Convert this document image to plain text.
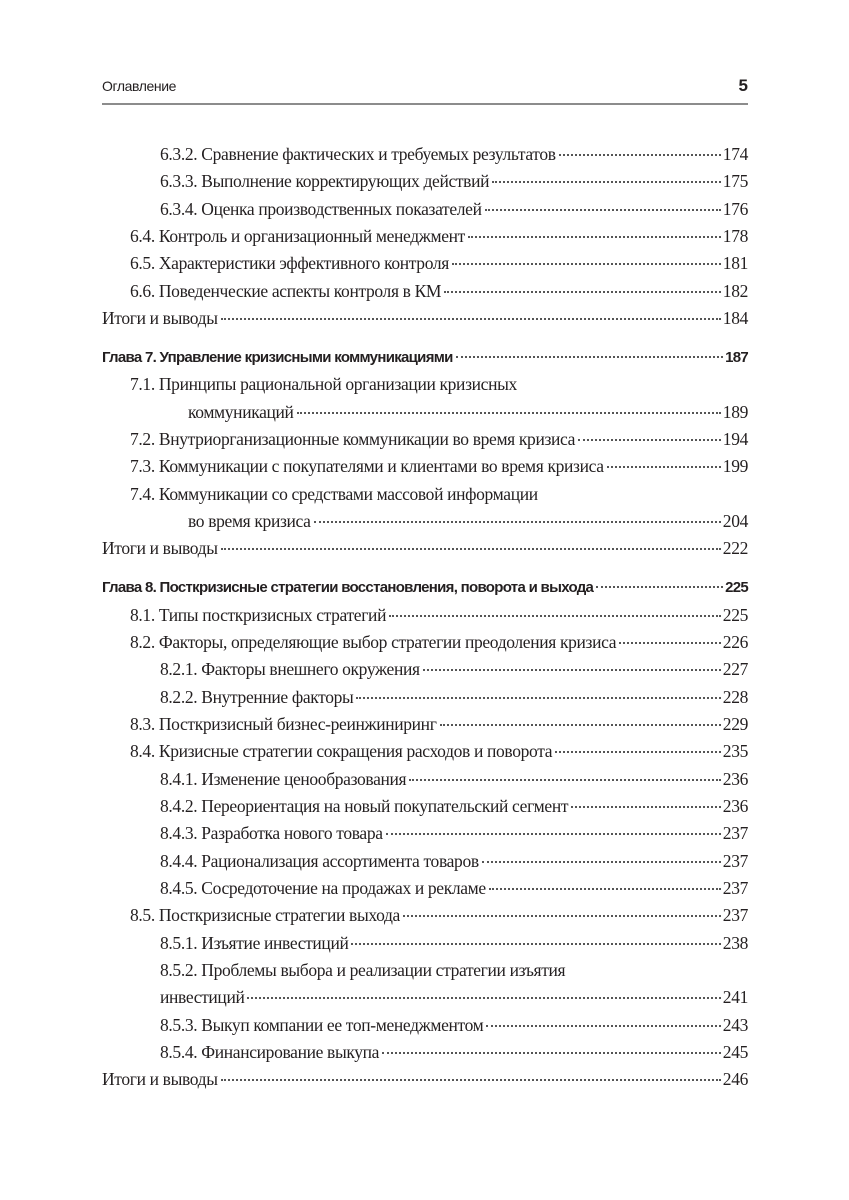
Оглавление	5
6.3.2. Сравнение фактических и требуемых результатов	174
6.3.3. Выполнение корректирующих действий	175
6.3.4. Оценка производственных показателей	176
6.4. Контроль и организационный менеджмент	178
6.5. Характеристики эффективного контроля	181
6.6. Поведенческие аспекты контроля в КМ	182
Итоги и выводы	184
Глава 7. Управление кризисными коммуникациями	187
7.1. Принципы рациональной организации кризисных
коммуникаций	189
7.2. Внутриорганизационные коммуникации во время кризиса	194
7.3. Коммуникации с покупателями и клиентами во время кризиса	199
7.4. Коммуникации со средствами массовой информации
во время кризиса	204
Итоги и выводы	222
Глава 8. Посткризисные стратегии восстановления, поворота и выхода	225
8.1. Типы посткризисных стратегий	225
8.2. Факторы, определяющие выбор стратегии преодоления кризиса	226
8.2.1. Факторы внешнего окружения	227
8.2.2. Внутренние факторы	228
8.3. Посткризисный бизнес-реинжиниринг	229
8.4. Кризисные стратегии сокращения расходов и поворота	235
8.4.1. Изменение ценообразования	236
8.4.2. Переориентация на новый покупательский сегмент	236
8.4.3. Разработка нового товара	237
8.4.4. Рационализация ассортимента товаров	237
8.4.5. Сосредоточение на продажах и рекламе	237
8.5. Посткризисные стратегии выхода	237
8.5.1. Изъятие инвестиций	238
8.5.2. Проблемы выбора и реализации стратегии изъятия
инвестиций	241
8.5.3. Выкуп компании ее топ-менеджментом	243
8.5.4. Финансирование выкупа	245
Итоги и выводы	246
